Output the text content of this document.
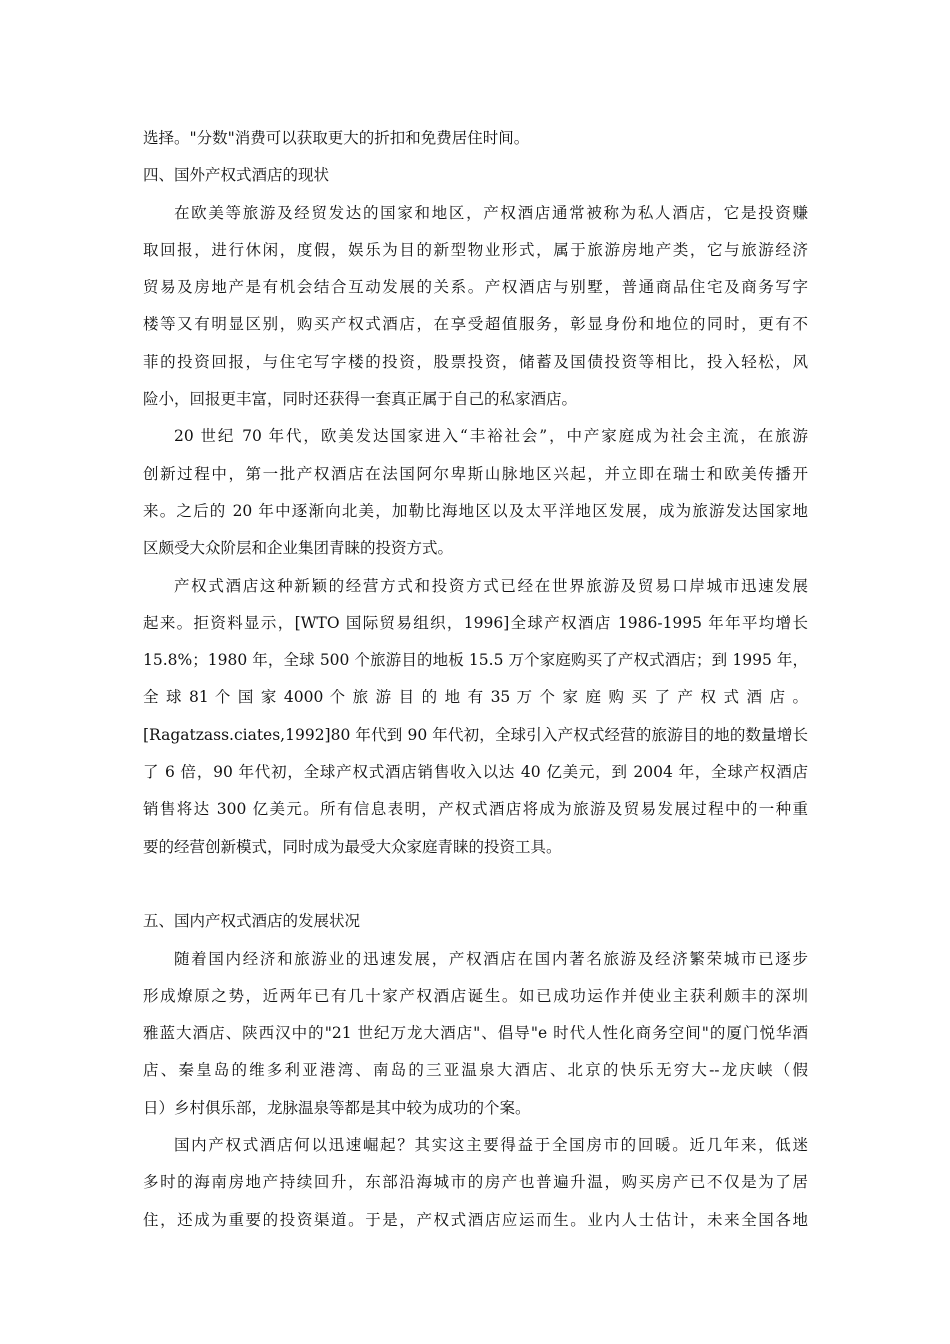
选择。"分数"消费可以获取更大的折扣和免费居住时间。
四、国外产权式酒店的现状
在欧美等旅游及经贸发达的国家和地区，产权酒店通常被称为私人酒店，它是投资赚
取回报，进行休闲，度假，娱乐为目的新型物业形式，属于旅游房地产类，它与旅游经济
贸易及房地产是有机会结合互动发展的关系。产权酒店与别墅，普通商品住宅及商务写字
楼等又有明显区别，购买产权式酒店，在享受超值服务，彰显身份和地位的同时，更有不
菲的投资回报，与住宅写字楼的投资，股票投资，储蓄及国债投资等相比，投入轻松，风
险小，回报更丰富，同时还获得一套真正属于自己的私家酒店。
20 世纪 70 年代，欧美发达国家进入“丰裕社会”，中产家庭成为社会主流，在旅游
创新过程中，第一批产权酒店在法国阿尔卑斯山脉地区兴起，并立即在瑞士和欧美传播开
来。之后的 20 年中逐渐向北美，加勒比海地区以及太平洋地区发展，成为旅游发达国家地
区颇受大众阶层和企业集团青睐的投资方式。
产权式酒店这种新颖的经营方式和投资方式已经在世界旅游及贸易口岸城市迅速发展
起来。拒资料显示，[WTO 国际贸易组织，1996]全球产权酒店 1986-1995 年年平均增长
15.8%；1980 年，全球 500 个旅游目的地板 15.5 万个家庭购买了产权式酒店；到 1995 年，
全 球 81 个 国 家 4000 个 旅 游 目 的 地 有 35 万 个 家 庭 购 买 了 产 权 式 酒 店 。
[Ragatzass.ciates,1992]80 年代到 90 年代初，全球引入产权式经营的旅游目的地的数量增长
了 6 倍，90 年代初，全球产权式酒店销售收入以达 40 亿美元，到 2004 年，全球产权酒店
销售将达 300 亿美元。所有信息表明，产权式酒店将成为旅游及贸易发展过程中的一种重
要的经营创新模式，同时成为最受大众家庭青睐的投资工具。
五、国内产权式酒店的发展状况
随着国内经济和旅游业的迅速发展，产权酒店在国内著名旅游及经济繁荣城市已逐步
形成燎原之势，近两年已有几十家产权酒店诞生。如已成功运作并使业主获利颇丰的深圳
雅蓝大酒店、陕西汉中的"21 世纪万龙大酒店"、倡导"e 时代人性化商务空间"的厦门悦华酒
店、秦皇岛的维多利亚港湾、南岛的三亚温泉大酒店、北京的快乐无穷大--龙庆峡（假
日）乡村俱乐部，龙脉温泉等都是其中较为成功的个案。
国内产权式酒店何以迅速崛起？其实这主要得益于全国房市的回暖。近几年来，低迷
多时的海南房地产持续回升，东部沿海城市的房产也普遍升温，购买房产已不仅是为了居
住，还成为重要的投资渠道。于是，产权式酒店应运而生。业内人士估计，未来全国各地
